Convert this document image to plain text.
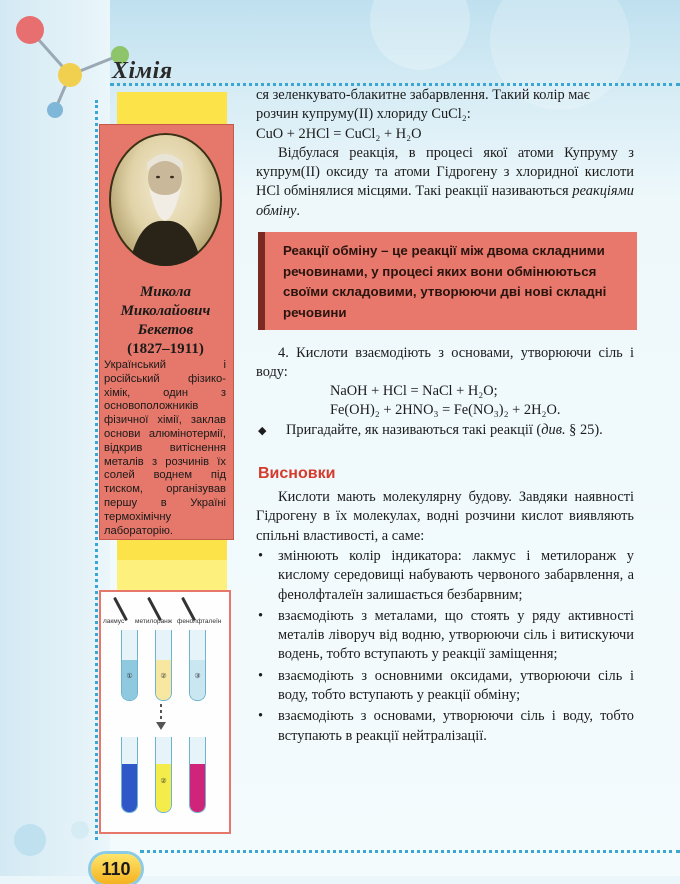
Хімія
Микола
Миколайович
Бекетов
(1827–1911)
Український і російський фізико-хімік, один з основоположників фізичної хімії, заклав основи алюмінотермії, відкрив витіснення металів з розчинів їх солей воднем під тиском, організував першу в Україні термохімічну лабораторію.
лакмус метилоранж фенолфталеїн
①	②	③
②
110

ся зеленкувато-блакитне забарвлення. Такий колір має

розчин купруму(II) хлориду CuCl₂:

CuO + 2HCl = CuCl₂ + H₂O

Відбулася реакція, в процесі якої атоми Купруму з купрум(II) оксиду та атоми Гідрогену з хлоридної кислоти HCl обмінялися місцями. Такі реакції називаються реакціями обміну.

Реакції обміну – це реакції між двома складними речовинами, у процесі яких вони обмінюються своїми складовими, утворюючи дві нові складні речовини

4. Кислоти взаємодіють з основами, утворюючи сіль і воду:

NaOH + HCl = NaCl + H₂O;
Fe(OH)₂ + 2HNO₃ = Fe(NO₃)₂ + 2H₂O.
◆ Пригадайте, як називаються такі реакції (див. § 25).

Висновки

Кислоти мають молекулярну будову. Завдяки наявності Гідрогену в їх молекулах, водні розчини кислот виявляють спільні властивості, а саме:

• змінюють колір індикатора: лакмус і метилоранж у кислому середовищі набувають червоного забарвлення, а фенолфталеїн залишається безбарвним;

• взаємодіють з металами, що стоять у ряду активності металів ліворуч від водню, утворюючи сіль і витискуючи водень, тобто вступають у реакції заміщення;

• взаємодіють з основними оксидами, утворюючи сіль і воду, тобто вступають у реакції обміну;

• взаємодіють з основами, утворюючи сіль і воду, тобто вступають в реакції нейтралізації.
